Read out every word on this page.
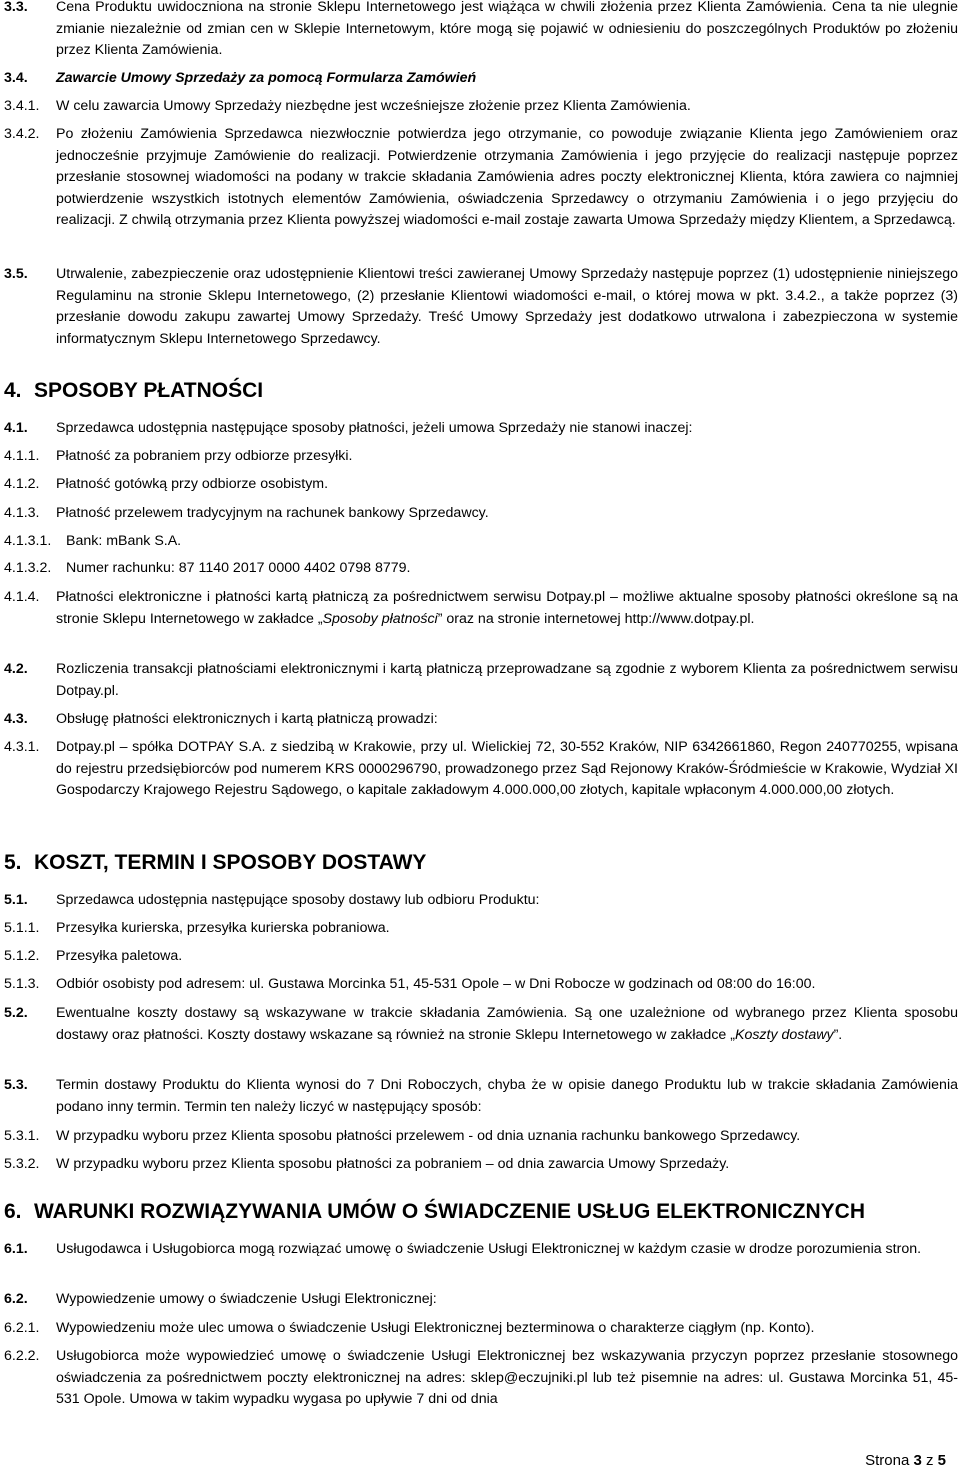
3.3. Cena Produktu uwidoczniona na stronie Sklepu Internetowego jest wiążąca w chwili złożenia przez Klienta Zamówienia. Cena ta nie ulegnie zmianie niezależnie od zmian cen w Sklepie Internetowym, które mogą się pojawić w odniesieniu do poszczególnych Produktów po złożeniu przez Klienta Zamówienia.
3.4. Zawarcie Umowy Sprzedaży za pomocą Formularza Zamówień
3.4.1. W celu zawarcia Umowy Sprzedaży niezbędne jest wcześniejsze złożenie przez Klienta Zamówienia.
3.4.2. Po złożeniu Zamówienia Sprzedawca niezwłocznie potwierdza jego otrzymanie, co powoduje związanie Klienta jego Zamówieniem oraz jednocześnie przyjmuje Zamówienie do realizacji. Potwierdzenie otrzymania Zamówienia i jego przyjęcie do realizacji następuje poprzez przesłanie stosownej wiadomości na podany w trakcie składania Zamówienia adres poczty elektronicznej Klienta, która zawiera co najmniej potwierdzenie wszystkich istotnych elementów Zamówienia, oświadczenia Sprzedawcy o otrzymaniu Zamówienia i o jego przyjęciu do realizacji. Z chwilą otrzymania przez Klienta powyższej wiadomości e-mail zostaje zawarta Umowa Sprzedaży między Klientem, a Sprzedawcą.
3.5. Utrwalenie, zabezpieczenie oraz udostępnienie Klientowi treści zawieranej Umowy Sprzedaży następuje poprzez (1) udostępnienie niniejszego Regulaminu na stronie Sklepu Internetowego, (2) przesłanie Klientowi wiadomości e-mail, o której mowa w pkt. 3.4.2., a także poprzez (3) przesłanie dowodu zakupu zawartej Umowy Sprzedaży. Treść Umowy Sprzedaży jest dodatkowo utrwalona i zabezpieczona w systemie informatycznym Sklepu Internetowego Sprzedawcy.
4. SPOSOBY PŁATNOŚCI
4.1. Sprzedawca udostępnia następujące sposoby płatności, jeżeli umowa Sprzedaży nie stanowi inaczej:
4.1.1. Płatność za pobraniem przy odbiorze przesyłki.
4.1.2. Płatność gotówką przy odbiorze osobistym.
4.1.3. Płatność przelewem tradycyjnym na rachunek bankowy Sprzedawcy.
4.1.3.1. Bank: mBank S.A.
4.1.3.2. Numer rachunku: 87 1140 2017 0000 4402 0798 8779.
4.1.4. Płatności elektroniczne i płatności kartą płatniczą za pośrednictwem serwisu Dotpay.pl – możliwe aktualne sposoby płatności określone są na stronie Sklepu Internetowego w zakładce „Sposoby płatności” oraz na stronie internetowej http://www.dotpay.pl.
4.2. Rozliczenia transakcji płatnościami elektronicznymi i kartą płatniczą przeprowadzane są zgodnie z wyborem Klienta za pośrednictwem serwisu Dotpay.pl.
4.3. Obsługę płatności elektronicznych i kartą płatniczą prowadzi:
4.3.1. Dotpay.pl – spółka DOTPAY S.A. z siedzibą w Krakowie, przy ul. Wielickiej 72, 30-552 Kraków, NIP 6342661860, Regon 240770255, wpisana do rejestru przedsiębiorców pod numerem KRS 0000296790, prowadzonego przez Sąd Rejonowy Kraków-Śródmieście w Krakowie, Wydział XI Gospodarczy Krajowego Rejestru Sądowego, o kapitale zakładowym 4.000.000,00 złotych, kapitale wpłaconym 4.000.000,00 złotych.
5. KOSZT, TERMIN I SPOSOBY DOSTAWY
5.1. Sprzedawca udostępnia następujące sposoby dostawy lub odbioru Produktu:
5.1.1. Przesyłka kurierska, przesyłka kurierska pobraniowa.
5.1.2. Przesyłka paletowa.
5.1.3. Odbiór osobisty pod adresem: ul. Gustawa Morcinka 51, 45-531 Opole – w Dni Robocze w godzinach od 08:00 do 16:00.
5.2. Ewentualne koszty dostawy są wskazywane w trakcie składania Zamówienia. Są one uzależnione od wybranego przez Klienta sposobu dostawy oraz płatności. Koszty dostawy wskazane są również na stronie Sklepu Internetowego w zakładce „Koszty dostawy”.
5.3. Termin dostawy Produktu do Klienta wynosi do 7 Dni Roboczych, chyba że w opisie danego Produktu lub w trakcie składania Zamówienia podano inny termin. Termin ten należy liczyć w następujący sposób:
5.3.1. W przypadku wyboru przez Klienta sposobu płatności przelewem - od dnia uznania rachunku bankowego Sprzedawcy.
5.3.2. W przypadku wyboru przez Klienta sposobu płatności za pobraniem – od dnia zawarcia Umowy Sprzedaży.
6. WARUNKI ROZWIĄZYWANIA UMÓW O ŚWIADCZENIE USŁUG ELEKTRONICZNYCH
6.1. Usługodawca i Usługobiorca mogą rozwiązać umowę o świadczenie Usługi Elektronicznej w każdym czasie w drodze porozumienia stron.
6.2. Wypowiedzenie umowy o świadczenie Usługi Elektronicznej:
6.2.1. Wypowiedzeniu może ulec umowa o świadczenie Usługi Elektronicznej bezterminowa o charakterze ciągłym (np. Konto).
6.2.2. Usługobiorca może wypowiedzieć umowę o świadczenie Usługi Elektronicznej bez wskazywania przyczyn poprzez przesłanie stosownego oświadczenia za pośrednictwem poczty elektronicznej na adres: sklep@eczujniki.pl lub też pisemnie na adres: ul. Gustawa Morcinka 51, 45-531 Opole. Umowa w takim wypadku wygasa po upływie 7 dni od dnia
Strona 3 z 5
